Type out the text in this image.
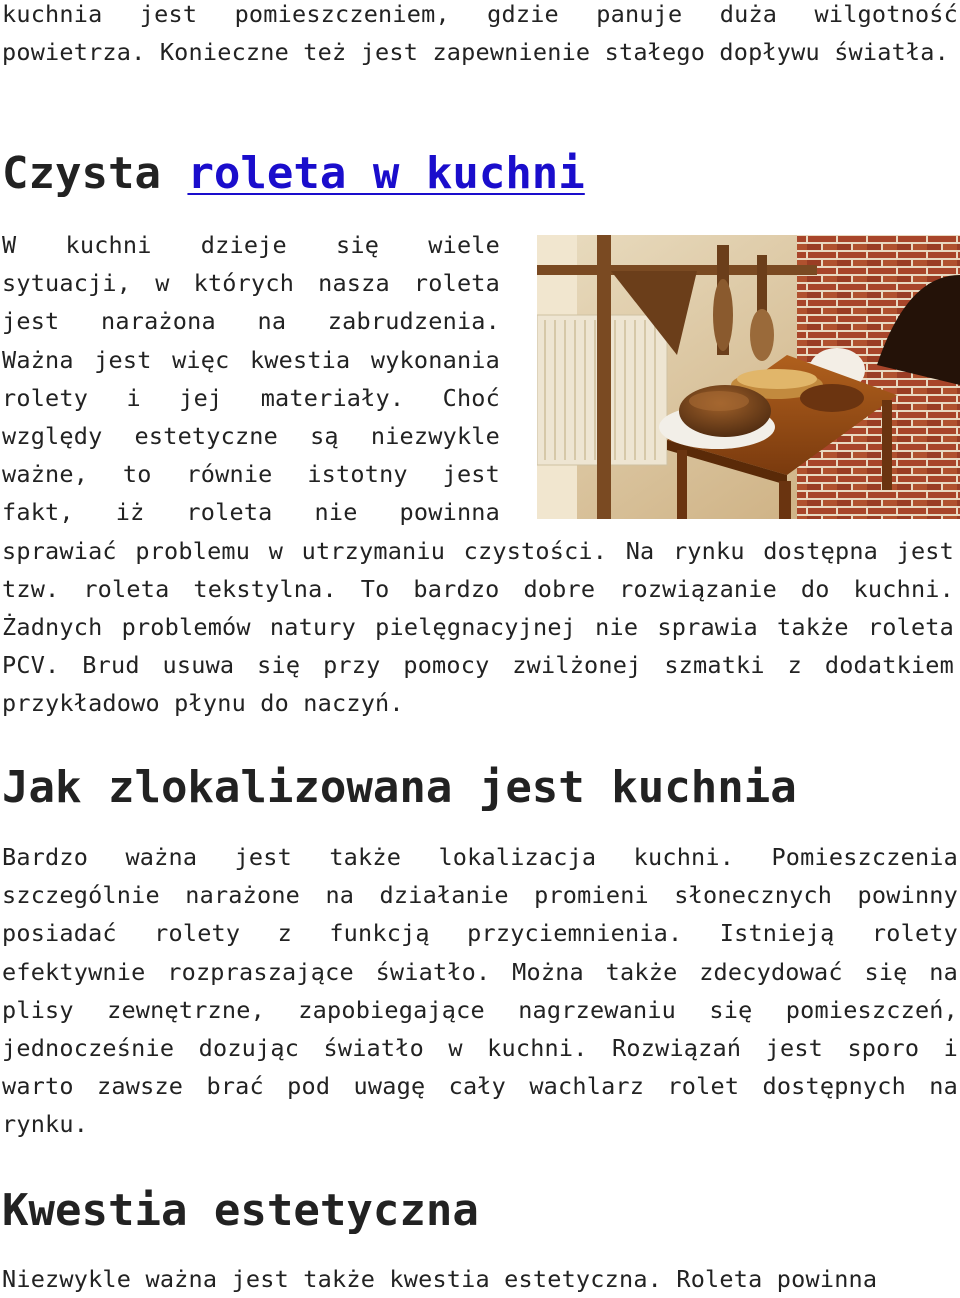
kuchnia jest pomieszczeniem, gdzie panuje duża wilgotność powietrza. Konieczne też jest zapewnienie stałego dopływu światła.

Czysta roleta w kuchni

W kuchni dzieje się wiele sytuacji, w których nasza roleta jest narażona na zabrudzenia. Ważna jest więc kwestia wykonania rolety i jej materiały. Choć względy estetyczne są niezwykle ważne, to równie istotny jest fakt, iż roleta nie powinna sprawiać problemu w utrzymaniu czystości. Na rynku dostępna jest tzw. roleta tekstylna. To bardzo dobre rozwiązanie do kuchni. Żadnych problemów natury pielęgnacyjnej nie sprawia także roleta PCV. Brud usuwa się przy pomocy zwilżonej szmatki z dodatkiem przykładowo płynu do naczyń.

Jak zlokalizowana jest kuchnia

Bardzo ważna jest także lokalizacja kuchni. Pomieszczenia szczególnie narażone na działanie promieni słonecznych powinny posiadać rolety z funkcją przyciemnienia. Istnieją rolety efektywnie rozpraszające światło. Można także zdecydować się na plisy zewnętrzne, zapobiegające nagrzewaniu się pomieszczeń, jednocześnie dozując światło w kuchni. Rozwiązań jest sporo i warto zawsze brać pod uwagę cały wachlarz rolet dostępnych na rynku.

Kwestia estetyczna

Niezwykle ważna jest także kwestia estetyczna. Roleta powinna
